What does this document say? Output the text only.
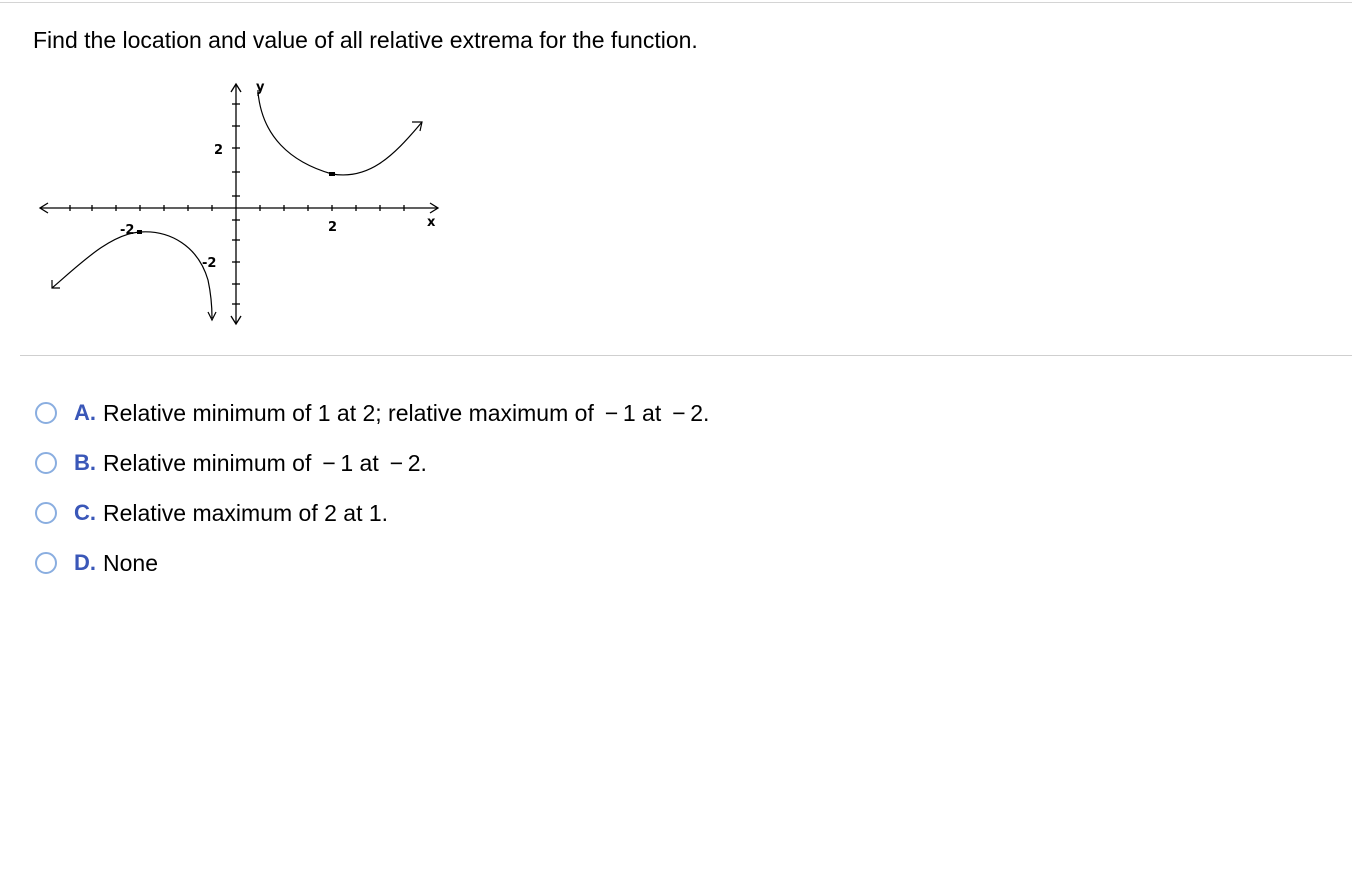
Find the location and value of all relative extrema for the function.
y
x
-2	2
2
-2
A. Relative minimum of 1 at 2; relative maximum of  − 1 at  − 2.
B. Relative minimum of  − 1 at  − 2.
C. Relative maximum of 2 at 1.
D. None
